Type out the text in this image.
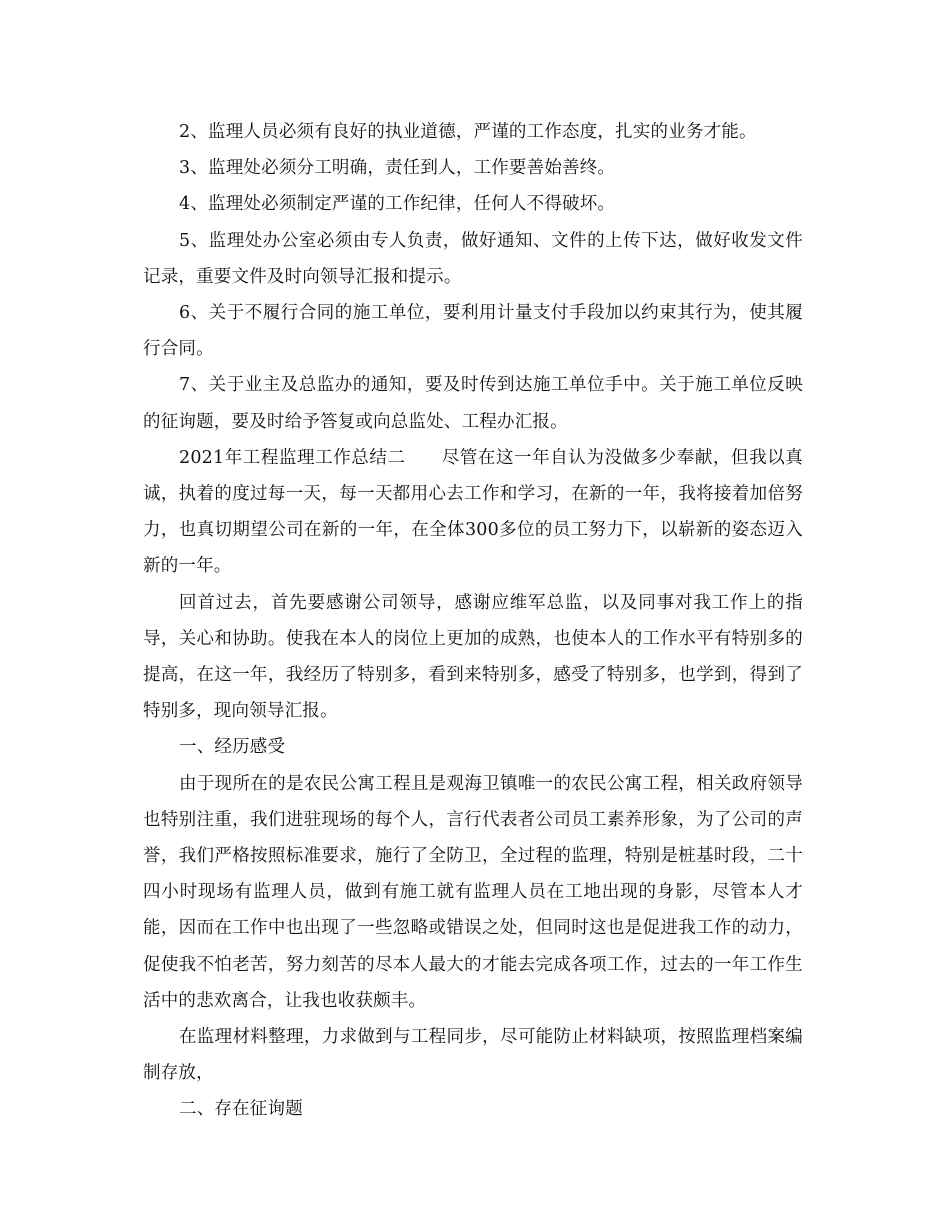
2、监理人员必须有良好的执业道德，严谨的工作态度，扎实的业务才能。

3、监理处必须分工明确，责任到人，工作要善始善终。

4、监理处必须制定严谨的工作纪律，任何人不得破坏。

5、监理处办公室必须由专人负责，做好通知、文件的上传下达，做好收发文件记录，重要文件及时向领导汇报和提示。

6、关于不履行合同的施工单位，要利用计量支付手段加以约束其行为，使其履行合同。

7、关于业主及总监办的通知，要及时传到达施工单位手中。关于施工单位反映的征询题，要及时给予答复或向总监处、工程办汇报。

2021年工程监理工作总结二　　尽管在这一年自认为没做多少奉献，但我以真诚，执着的度过每一天，每一天都用心去工作和学习，在新的一年，我将接着加倍努力，也真切期望公司在新的一年，在全体300多位的员工努力下，以崭新的姿态迈入新的一年。

回首过去，首先要感谢公司领导，感谢应维军总监，以及同事对我工作上的指导，关心和协助。使我在本人的岗位上更加的成熟，也使本人的工作水平有特别多的提高，在这一年，我经历了特别多，看到来特别多，感受了特别多，也学到，得到了特别多，现向领导汇报。

一、经历感受

由于现所在的是农民公寓工程且是观海卫镇唯一的农民公寓工程，相关政府领导也特别注重，我们进驻现场的每个人，言行代表者公司员工素养形象，为了公司的声誉，我们严格按照标准要求，施行了全防卫，全过程的监理，特别是桩基时段，二十四小时现场有监理人员，做到有施工就有监理人员在工地出现的身影，尽管本人才能，因而在工作中也出现了一些忽略或错误之处，但同时这也是促进我工作的动力，促使我不怕老苦，努力刻苦的尽本人最大的才能去完成各项工作，过去的一年工作生活中的悲欢离合，让我也收获颇丰。

在监理材料整理，力求做到与工程同步，尽可能防止材料缺项，按照监理档案编制存放，

二、存在征询题
